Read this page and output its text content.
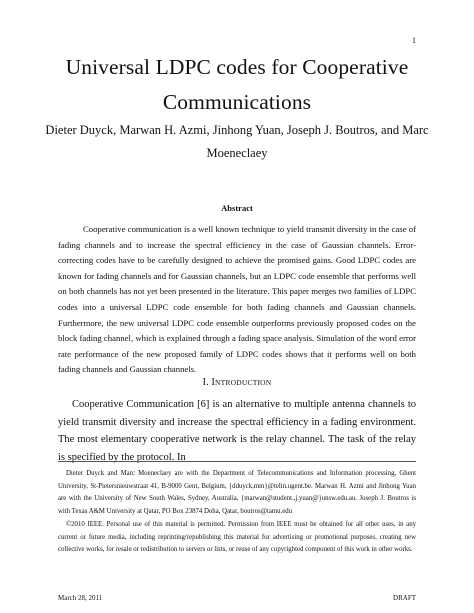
1
Universal LDPC codes for Cooperative Communications
Dieter Duyck, Marwan H. Azmi, Jinhong Yuan, Joseph J. Boutros, and Marc Moeneclaey
Abstract
Cooperative communication is a well known technique to yield transmit diversity in the case of fading channels and to increase the spectral efficiency in the case of Gaussian channels. Error-correcting codes have to be carefully designed to achieve the promised gains. Good LDPC codes are known for fading channels and for Gaussian channels, but an LDPC code ensemble that performs well on both channels has not yet been presented in the literature. This paper merges two families of LDPC codes into a universal LDPC code ensemble for both fading channels and Gaussian channels. Furthermore, the new universal LDPC code ensemble outperforms previously proposed codes on the block fading channel, which is explained through a fading space analysis. Simulation of the word error rate performance of the new proposed family of LDPC codes shows that it performs well on both fading channels and Gaussian channels.
I. INTRODUCTION
Cooperative Communication [6] is an alternative to multiple antenna channels to yield transmit diversity and increase the spectral efficiency in a fading environment. The most elementary cooperative network is the relay channel. The task of the relay is specified by the protocol. In
Dieter Duyck and Marc Moeneclaey are with the Department of Telecommunications and Information processing, Ghent University, St-Pietersnieuwstraat 41, B-9000 Gent, Belgium, {dduyck,mm}@telin.ugent.be. Marwan H. Azmi and Jinhong Yuan are with the University of New South Wales, Sydney, Australia, {marwan@student.,j.yuan@}unsw.edu.au. Joseph J. Boutros is with Texas A&M University at Qatar, PO Box 23874 Doha, Qatar, boutros@tamu.edu
©2010 IEEE. Personal use of this material is permitted. Permission from IEEE must be obtained for all other uses, in any current or future media, including reprinting/republishing this material for advertising or promotional purposes, creating new collective works, for resale or redistribution to servers or lists, or reuse of any copyrighted component of this work in other works.
March 28, 2011	DRAFT
